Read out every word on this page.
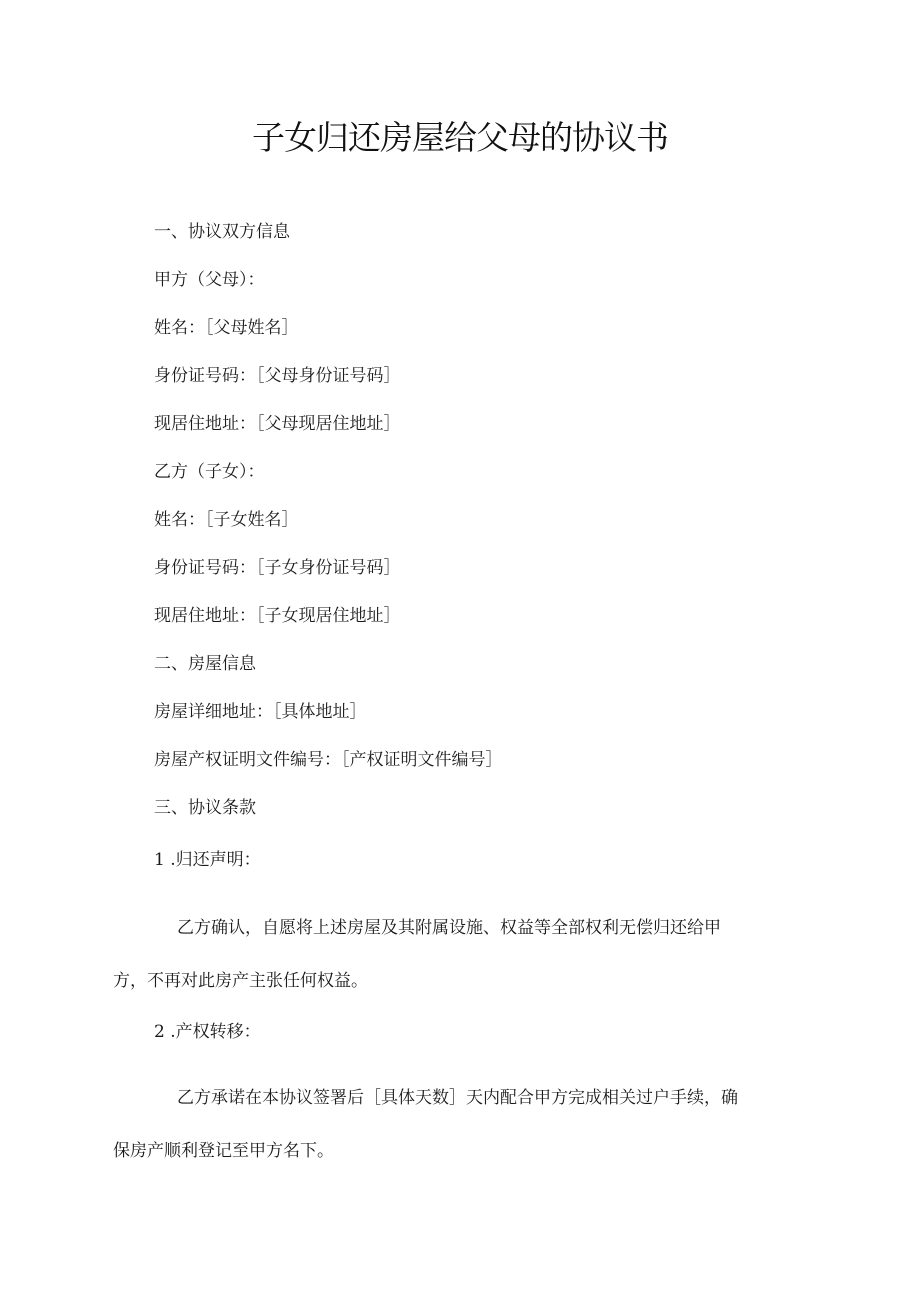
子女归还房屋给父母的协议书

一、协议双方信息

甲方（父母）：

姓名：［父母姓名］

身份证号码：［父母身份证号码］

现居住地址：［父母现居住地址］

乙方（子女）：

姓名：［子女姓名］

身份证号码：［子女身份证号码］

现居住地址：［子女现居住地址］

二、房屋信息

房屋详细地址：［具体地址］

房屋产权证明文件编号：［产权证明文件编号］

三、协议条款

1 .归还声明：

乙方确认，自愿将上述房屋及其附属设施、权益等全部权利无偿归还给甲
方，不再对此房产主张任何权益。

2 .产权转移：

乙方承诺在本协议签署后［具体天数］天内配合甲方完成相关过户手续，确
保房产顺利登记至甲方名下。
